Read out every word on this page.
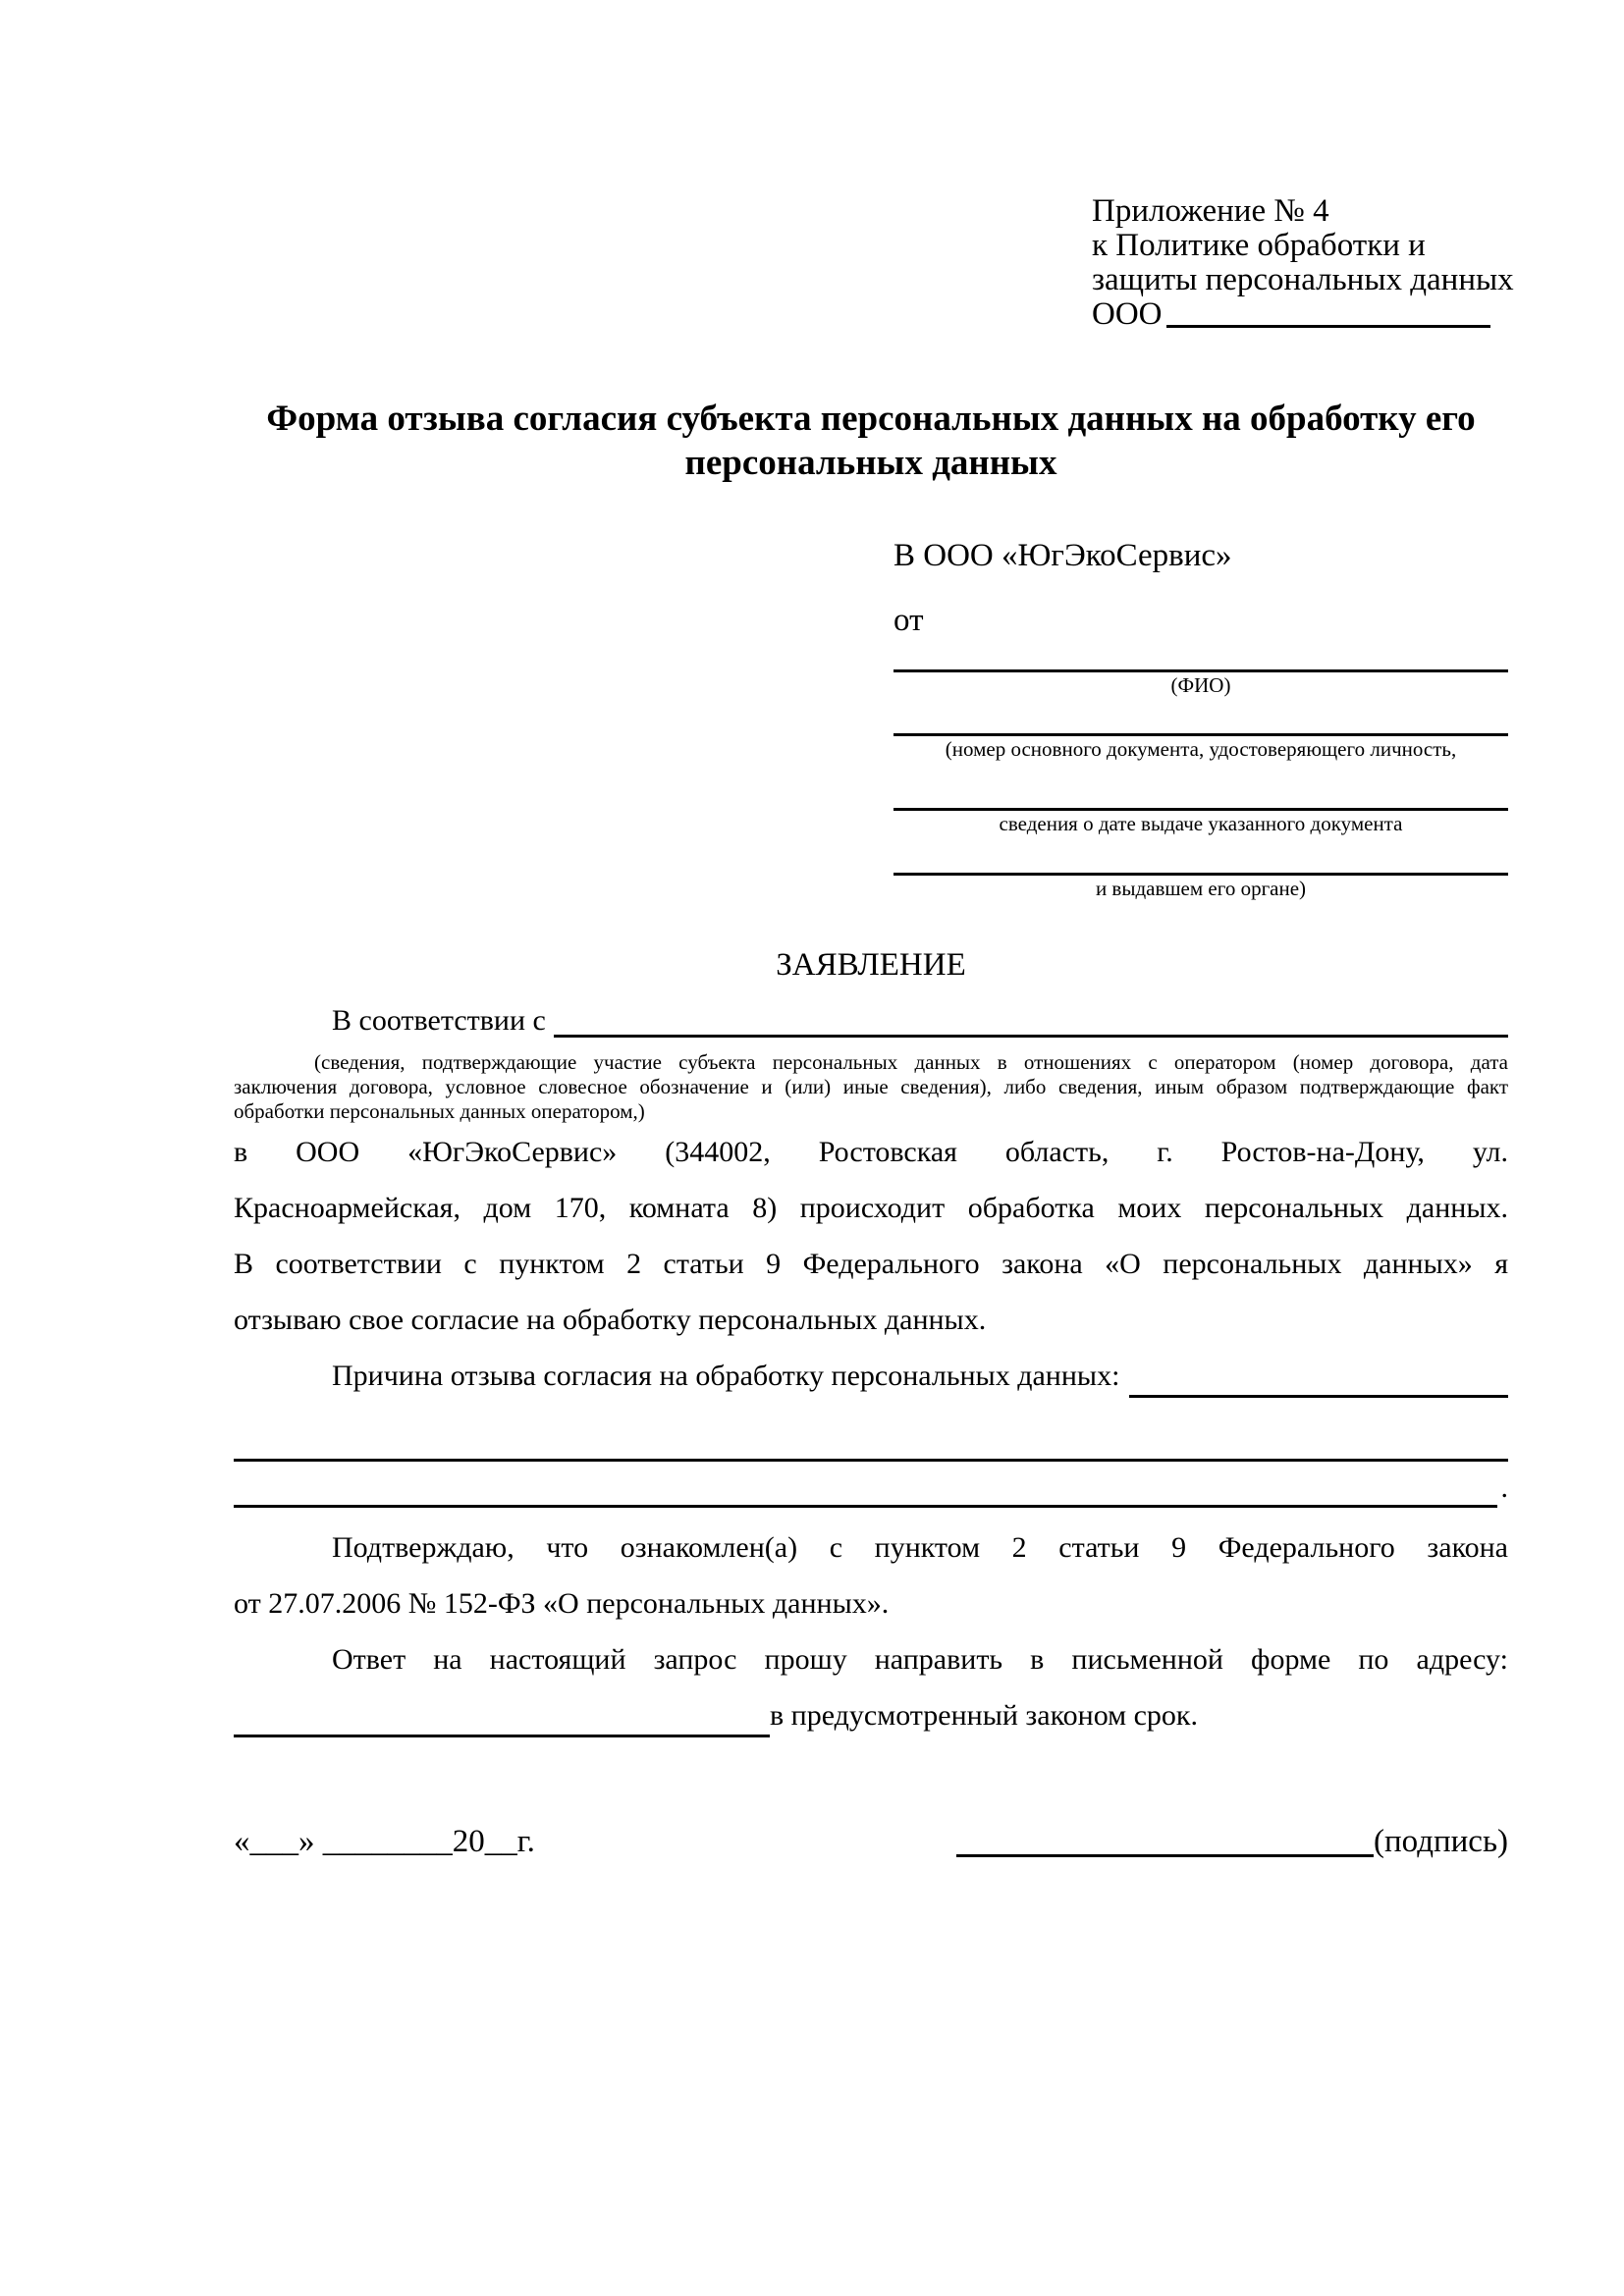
Приложение № 4
к Политике обработки и
защиты персональных данных
ООО
Форма отзыва согласия субъекта персональных данных на обработку его персональных данных
В ООО «ЮгЭкоСервис»
от
(ФИО)
(номер основного документа, удостоверяющего личность,
сведения о дате выдаче указанного документа
и выдавшем его органе)
ЗАЯВЛЕНИЕ
В соответствии с
(сведения, подтверждающие участие субъекта персональных данных в отношениях с оператором (номер договора, дата
заключения договора, условное словесное обозначение и (или) иные сведения), либо сведения, иным образом подтверждающие факт
обработки персональных данных оператором,)
в ООО «ЮгЭкоСервис» (344002, Ростовская область, г. Ростов-на-Дону, ул.
Красноармейская, дом 170, комната 8) происходит обработка моих персональных данных.
В соответствии с пунктом 2 статьи 9 Федерального закона «О персональных данных» я
отзываю свое согласие на обработку персональных данных.
Причина отзыва согласия на обработку персональных данных:
.
Подтверждаю, что ознакомлен(а) с пунктом 2 статьи 9 Федерального закона
от 27.07.2006 № 152-ФЗ «О персональных данных».
Ответ на настоящий запрос прошу направить в письменной форме по адресу:
в предусмотренный законом срок.
«___» ________20__г.	(подпись)
